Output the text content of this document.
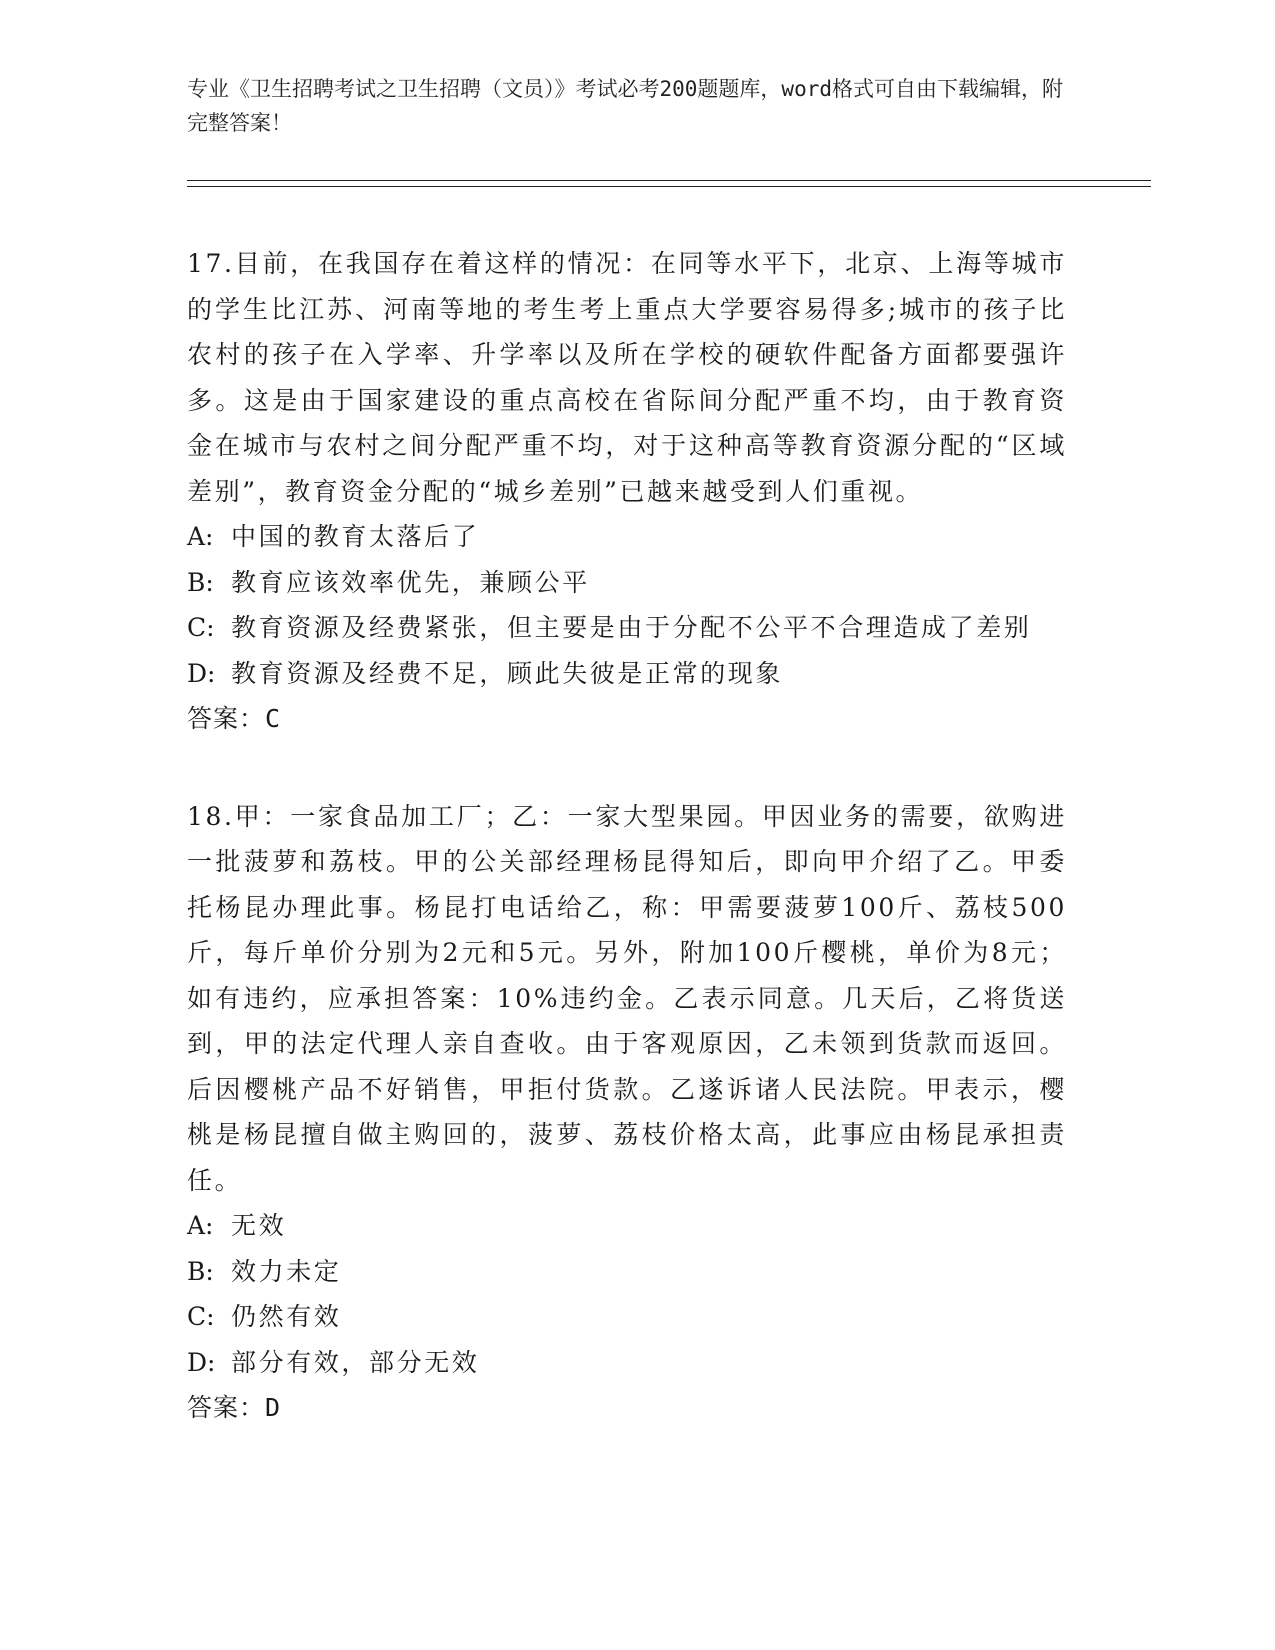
专业《卫生招聘考试之卫生招聘（文员）》考试必考200题题库，word格式可自由下载编辑，附完整答案！

17.目前，在我国存在着这样的情况：在同等水平下，北京、上海等城市的学生比江苏、河南等地的考生考上重点大学要容易得多;城市的孩子比农村的孩子在入学率、升学率以及所在学校的硬软件配备方面都要强许多。这是由于国家建设的重点高校在省际间分配严重不均，由于教育资金在城市与农村之间分配严重不均，对于这种高等教育资源分配的“区域差别”，教育资金分配的“城乡差别”已越来越受到人们重视。

A: 中国的教育太落后了

B: 教育应该效率优先，兼顾公平

C: 教育资源及经费紧张，但主要是由于分配不公平不合理造成了差别

D: 教育资源及经费不足，顾此失彼是正常的现象

答案：C

18.甲：一家食品加工厂；乙：一家大型果园。甲因业务的需要，欲购进一批菠萝和荔枝。甲的公关部经理杨昆得知后，即向甲介绍了乙。甲委托杨昆办理此事。杨昆打电话给乙，称：甲需要菠萝100斤、荔枝500斤，每斤单价分别为2元和5元。另外，附加100斤樱桃，单价为8元；如有违约，应承担答案：10%违约金。乙表示同意。几天后，乙将货送到，甲的法定代理人亲自查收。由于客观原因，乙未领到货款而返回。后因樱桃产品不好销售，甲拒付货款。乙遂诉诸人民法院。甲表示，樱桃是杨昆擅自做主购回的，菠萝、荔枝价格太高，此事应由杨昆承担责任。

A: 无效

B: 效力未定

C: 仍然有效

D: 部分有效，部分无效

答案：D
